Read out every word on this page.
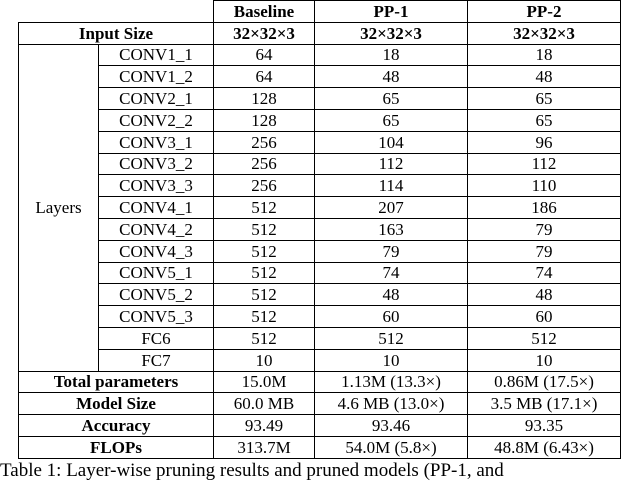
		Baseline	PP-1	PP-2
Input Size		32×32×3	32×32×3	32×32×3
Layers	CONV1_1	64	18	18
	CONV1_2	64	48	48
	CONV2_1	128	65	65
	CONV2_2	128	65	65
	CONV3_1	256	104	96
	CONV3_2	256	112	112
	CONV3_3	256	114	110
	CONV4_1	512	207	186
	CONV4_2	512	163	79
	CONV4_3	512	79	79
	CONV5_1	512	74	74
	CONV5_2	512	48	48
	CONV5_3	512	60	60
	FC6	512	512	512
	FC7	10	10	10
Total parameters		15.0M	1.13M (13.3×)	0.86M (17.5×)
Model Size		60.0 MB	4.6 MB (13.0×)	3.5 MB (17.1×)
Accuracy		93.49	93.46	93.35
FLOPs		313.7M	54.0M (5.8×)	48.8M (6.43×)
Table 1: Layer-wise pruning results and pruned models (PP-1, and
